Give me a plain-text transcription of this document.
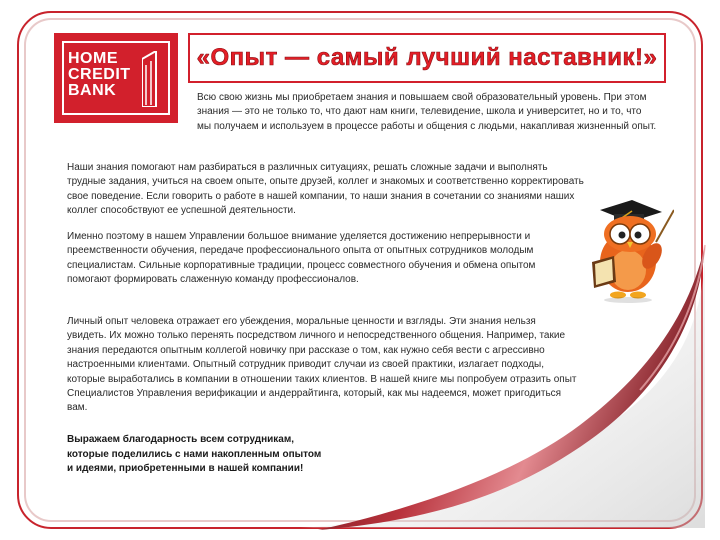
HOME
CREDIT
BANK
«Опыт — самый лучший наставник!»

Всю свою жизнь мы приобретаем знания и повышаем свой образовательный уровень. При этом знания — это не только то, что дают нам книги, телевидение, школа и университет, но и то, что мы получаем и используем в процессе работы и общения с людьми, накапливая жизненный опыт.

Наши знания помогают нам разбираться в различных ситуациях, решать сложные задачи и выполнять трудные задания, учиться на своем опыте, опыте друзей, коллег и знакомых и соответственно корректировать свое поведение. Если говорить о работе в нашей компании, то наши знания в сочетании со знаниями наших коллег способствуют ее успешной деятельности.

Именно поэтому в нашем Управлении большое внимание уделяется достижению непрерывности и преемственности обучения, передаче профессионального опыта от опытных сотрудников молодым специалистам. Сильные корпоративные традиции, процесс совместного обучения и обмена опытом помогают формировать слаженную команду профессионалов.

Личный опыт человека отражает его убеждения, моральные ценности и взгляды. Эти знания нельзя увидеть. Их можно только перенять посредством личного и непосредственного общения. Например, такие знания передаются опытным коллегой новичку при рассказе о том, как нужно себя вести с агрессивно настроенными клиентами. Опытный сотрудник приводит случаи из своей практики, излагает подходы, которые выработались в компании в отношении таких клиентов. В нашей книге мы попробуем отразить опыт Специалистов Управления верификации и андеррайтинга, который, как мы надеемся, может пригодиться вам.

Выражаем благодарность всем сотрудникам, которые поделились с нами накопленным опытом и идеями, приобретенными в нашей компании!
